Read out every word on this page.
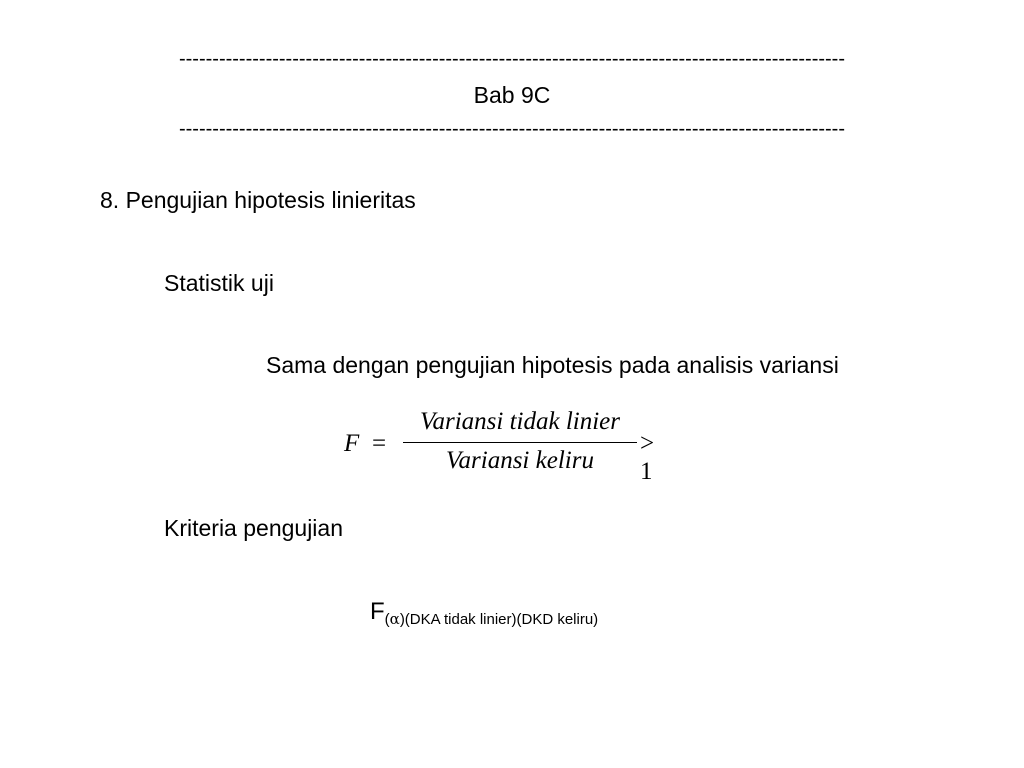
----------------------------------------------------------------------------------------------------
Bab 9C
----------------------------------------------------------------------------------------------------
8. Pengujian hipotesis linieritas
Statistik uji
Sama dengan pengujian hipotesis pada analisis variansi
F =
Variansi tidak linier
Variansi keliru
> 1
Kriteria pengujian
F(α)(DKA tidak linier)(DKD keliru)
